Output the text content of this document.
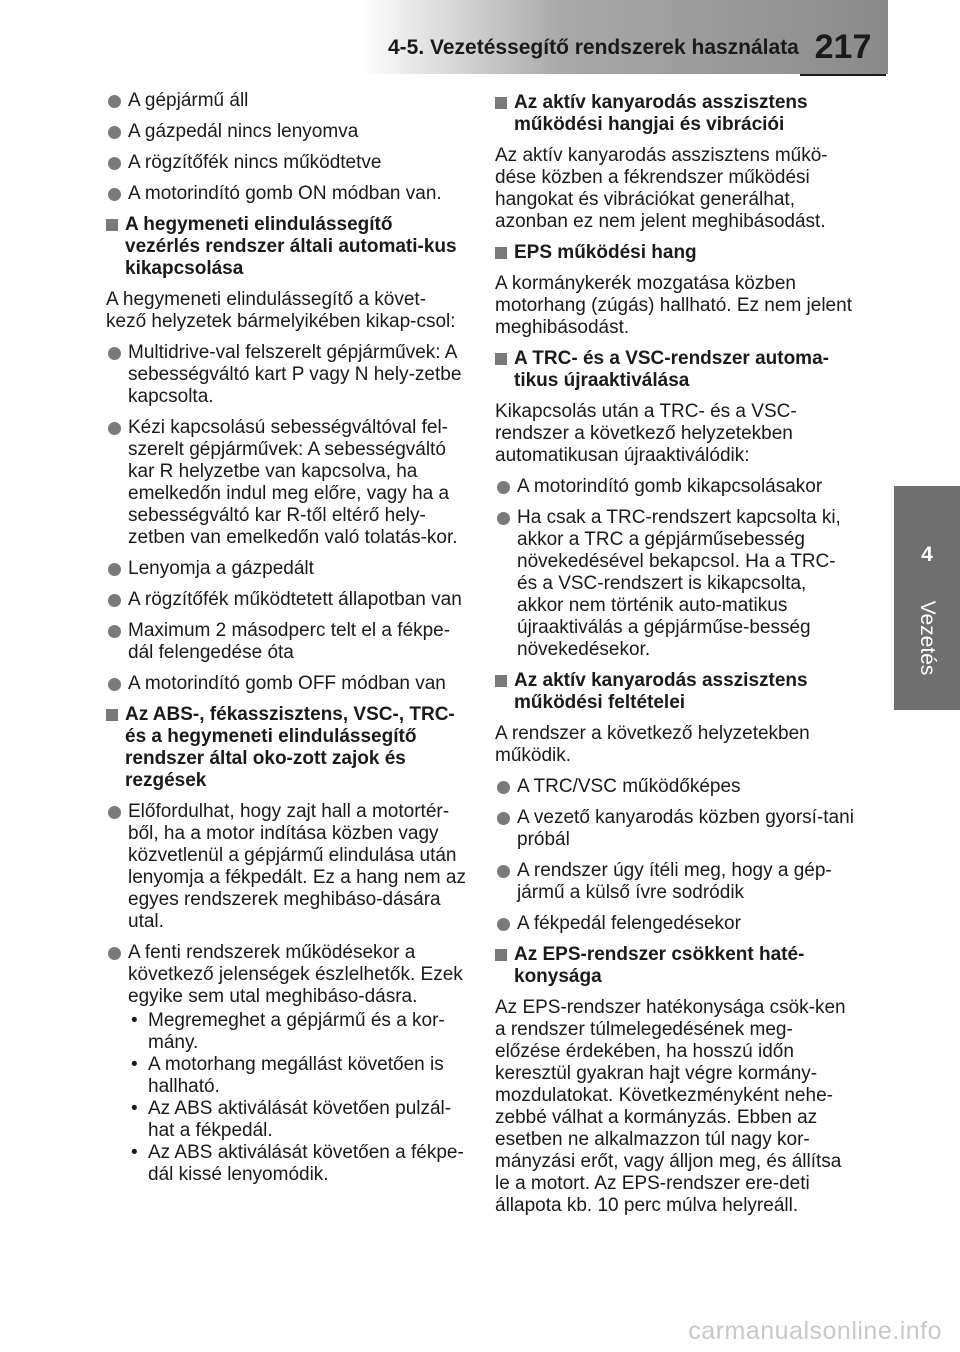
4-5. Vezetéssegítő rendszerek használata 217
4
Vezetés
A gépjármű áll
A gázpedál nincs lenyomva
A rögzítőfék nincs működtetve
A motorindító gomb ON módban van.
A hegymeneti elindulássegítő vezérlés rendszer általi automati-kus kikapcsolása
A hegymeneti elindulássegítő a követ-kező helyzetek bármelyikében kikap-csol:
Multidrive-val felszerelt gépjárművek: A sebességváltó kart P vagy N hely-zetbe kapcsolta.
Kézi kapcsolású sebességváltóval fel-szerelt gépjárművek: A sebességváltó kar R helyzetbe van kapcsolva, ha emelkedőn indul meg előre, vagy ha a sebességváltó kar R-től eltérő hely-zetben van emelkedőn való tolatás-kor.
Lenyomja a gázpedált
A rögzítőfék működtetett állapotban van
Maximum 2 másodperc telt el a fékpe-dál felengedése óta
A motorindító gomb OFF módban van
Az ABS-, fékasszisztens, VSC-, TRC- és a hegymeneti elindulássegítő rendszer által oko-zott zajok és rezgések
Előfordulhat, hogy zajt hall a motortér-ből, ha a motor indítása közben vagy közvetlenül a gépjármű elindulása után lenyomja a fékpedált. Ez a hang nem az egyes rendszerek meghibáso-dására utal.
A fenti rendszerek működésekor a következő jelenségek észlelhetők. Ezek egyike sem utal meghibáso-dásra.
• Megremeghet a gépjármű és a kor-mány.
• A motorhang megállást követően is hallható.
• Az ABS aktiválását követően pulzál-hat a fékpedál.
• Az ABS aktiválását követően a fékpe-dál kissé lenyomódik.
Az aktív kanyarodás asszisztens működési hangjai és vibrációi
Az aktív kanyarodás asszisztens műkö-dése közben a fékrendszer működési hangokat és vibrációkat generálhat, azonban ez nem jelent meghibásodást.
EPS működési hang
A kormánykerék mozgatása közben motorhang (zúgás) hallható. Ez nem jelent meghibásodást.
A TRC- és a VSC-rendszer automa-tikus újraaktiválása
Kikapcsolás után a TRC- és a VSC-rendszer a következő helyzetekben automatikusan újraaktiválódik:
A motorindító gomb kikapcsolásakor
Ha csak a TRC-rendszert kapcsolta ki, akkor a TRC a gépjárműsebesség növekedésével bekapcsol. Ha a TRC- és a VSC-rendszert is kikapcsolta, akkor nem történik auto-matikus újraaktiválás a gépjárműse-besség növekedésekor.
Az aktív kanyarodás asszisztens működési feltételei
A rendszer a következő helyzetekben működik.
A TRC/VSC működőképes
A vezető kanyarodás közben gyorsí-tani próbál
A rendszer úgy ítéli meg, hogy a gép-jármű a külső ívre sodródik
A fékpedál felengedésekor
Az EPS-rendszer csökkent haté-konysága
Az EPS-rendszer hatékonysága csök-ken a rendszer túlmelegedésének meg-előzése érdekében, ha hosszú időn keresztül gyakran hajt végre kormány-mozdulatokat. Következményként nehe-zebbé válhat a kormányzás. Ebben az esetben ne alkalmazzon túl nagy kor-mányzási erőt, vagy álljon meg, és állítsa le a motort. Az EPS-rendszer ere-deti állapota kb. 10 perc múlva helyreáll.
carmanualsonline.info
